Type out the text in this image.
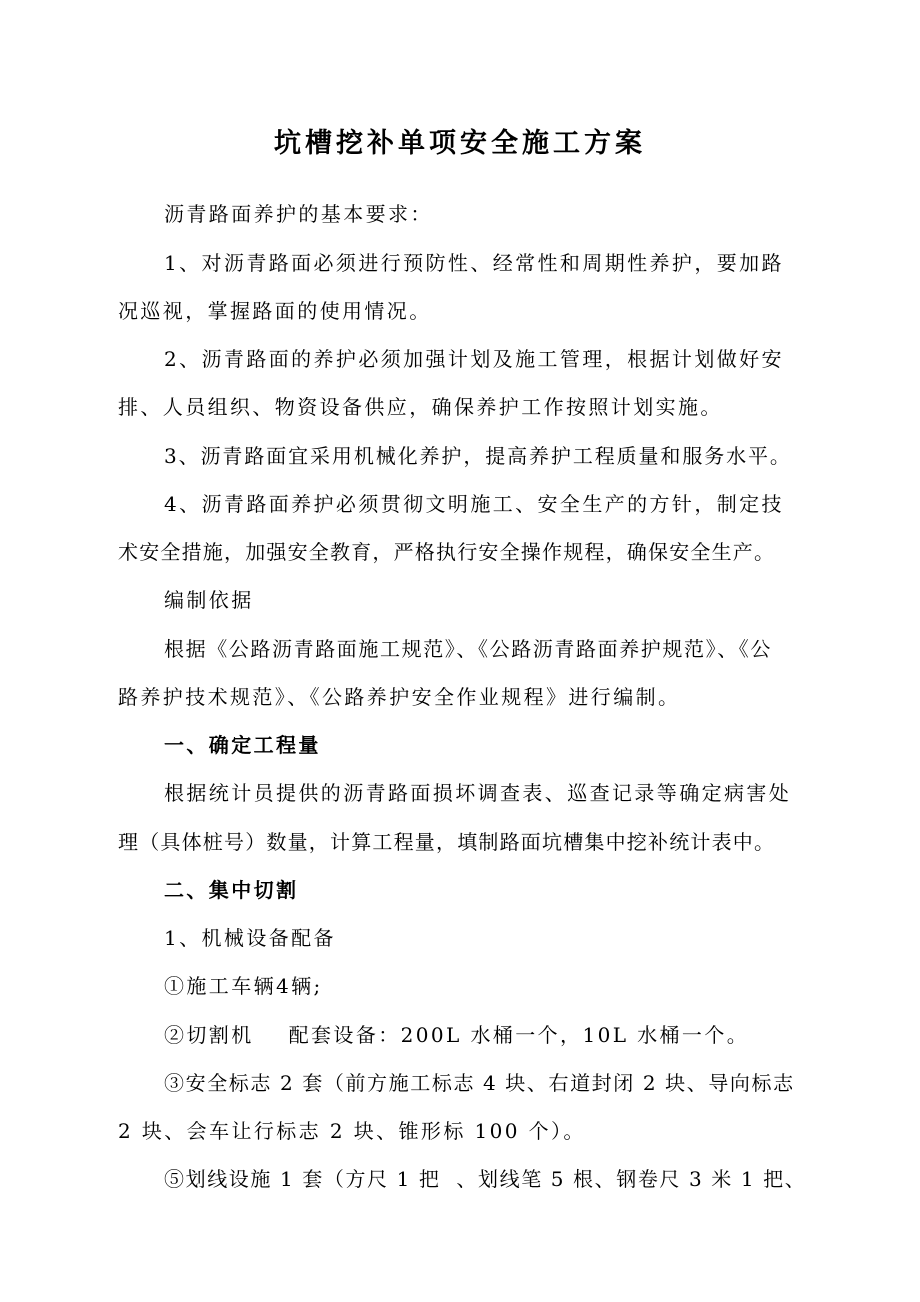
坑槽挖补单项安全施工方案
沥青路面养护的基本要求：
1、对沥青路面必须进行预防性、经常性和周期性养护，要加路
况巡视，掌握路面的使用情况。
2、沥青路面的养护必须加强计划及施工管理，根据计划做好安
排、人员组织、物资设备供应，确保养护工作按照计划实施。
3、沥青路面宜采用机械化养护，提高养护工程质量和服务水平。
4、沥青路面养护必须贯彻文明施工、安全生产的方针，制定技
术安全措施，加强安全教育，严格执行安全操作规程，确保安全生产。
编制依据
根据《公路沥青路面施工规范》、《公路沥青路面养护规范》、《公
路养护技术规范》、《公路养护安全作业规程》进行编制。
一、确定工程量
根据统计员提供的沥青路面损坏调查表、巡查记录等确定病害处
理（具体桩号）数量，计算工程量，填制路面坑槽集中挖补统计表中。
二、集中切割
1、机械设备配备
①施工车辆4辆;
②切割机    配套设备：200L 水桶一个，10L 水桶一个。
③安全标志 2 套（前方施工标志 4 块、右道封闭 2 块、导向标志
2 块、会车让行标志 2 块、锥形标 100 个）。
⑤划线设施 1 套（方尺 1 把  、划线笔 5 根、钢卷尺 3 米 1 把、
